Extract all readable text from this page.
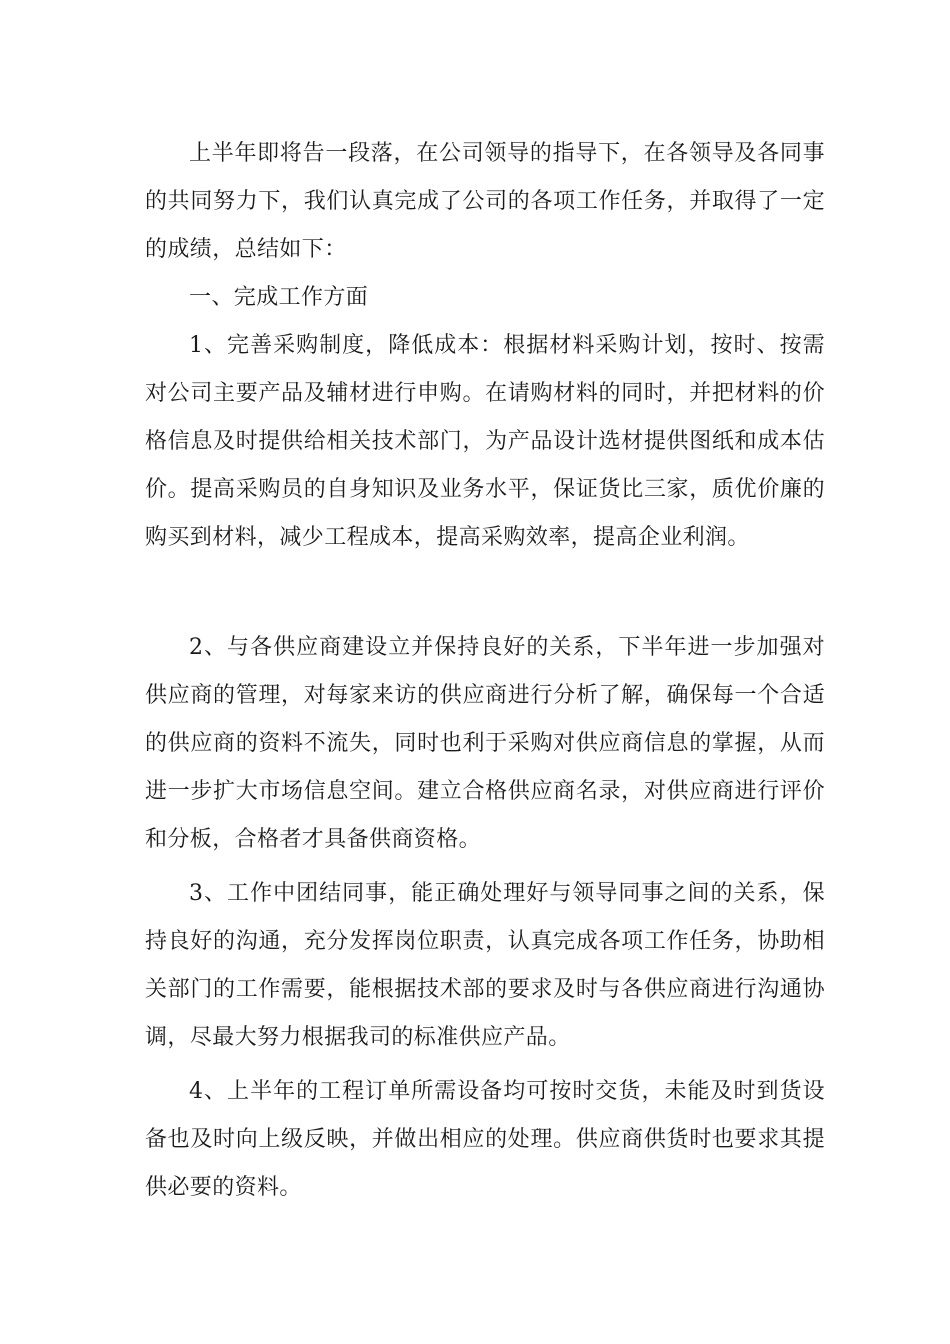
上半年即将告一段落，在公司领导的指导下，在各领导及各同事的共同努力下，我们认真完成了公司的各项工作任务，并取得了一定的成绩，总结如下：

一、完成工作方面

1、完善采购制度，降低成本：根据材料采购计划，按时、按需对公司主要产品及辅材进行申购。在请购材料的同时，并把材料的价格信息及时提供给相关技术部门，为产品设计选材提供图纸和成本估价。提高采购员的自身知识及业务水平，保证货比三家，质优价廉的购买到材料，减少工程成本，提高采购效率，提高企业利润。

2、与各供应商建设立并保持良好的关系，下半年进一步加强对供应商的管理，对每家来访的供应商进行分析了解，确保每一个合适的供应商的资料不流失，同时也利于采购对供应商信息的掌握，从而进一步扩大市场信息空间。建立合格供应商名录，对供应商进行评价和分板，合格者才具备供商资格。

3、工作中团结同事，能正确处理好与领导同事之间的关系，保持良好的沟通，充分发挥岗位职责，认真完成各项工作任务，协助相关部门的工作需要，能根据技术部的要求及时与各供应商进行沟通协调，尽最大努力根据我司的标准供应产品。

4、上半年的工程订单所需设备均可按时交货，未能及时到货设备也及时向上级反映，并做出相应的处理。供应商供货时也要求其提供必要的资料。
